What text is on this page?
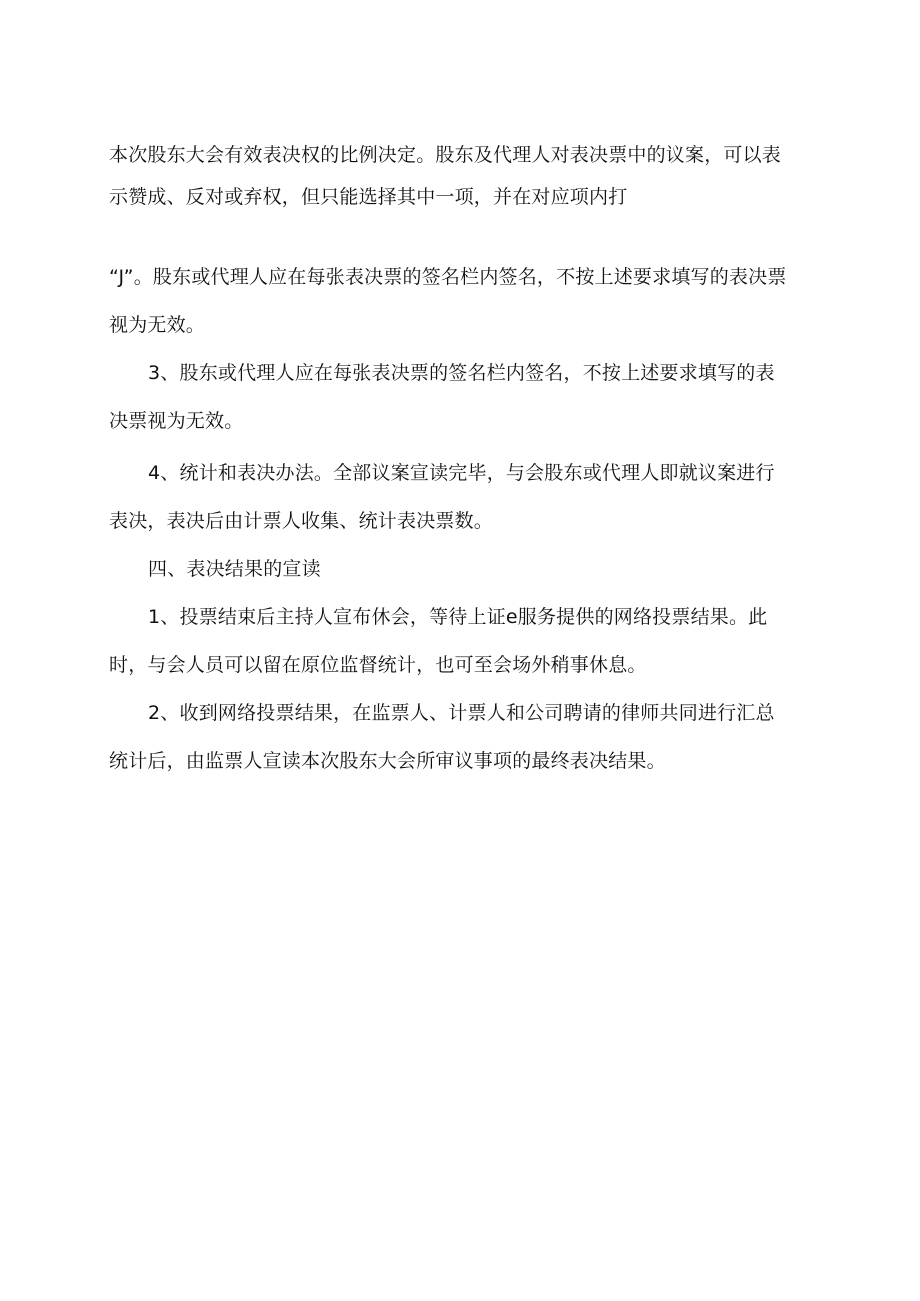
本次股东大会有效表决权的比例决定。股东及代理人对表决票中的议案，可以表
示赞成、反对或弃权，但只能选择其中一项，并在对应项内打
“J”。股东或代理人应在每张表决票的签名栏内签名，不按上述要求填写的表决票
视为无效。
3、股东或代理人应在每张表决票的签名栏内签名，不按上述要求填写的表
决票视为无效。
4、统计和表决办法。全部议案宣读完毕，与会股东或代理人即就议案进行
表决，表决后由计票人收集、统计表决票数。
四、表决结果的宣读
1、投票结束后主持人宣布休会，等待上证e服务提供的网络投票结果。此
时，与会人员可以留在原位监督统计，也可至会场外稍事休息。
2、收到网络投票结果，在监票人、计票人和公司聘请的律师共同进行汇总
统计后，由监票人宣读本次股东大会所审议事项的最终表决结果。
